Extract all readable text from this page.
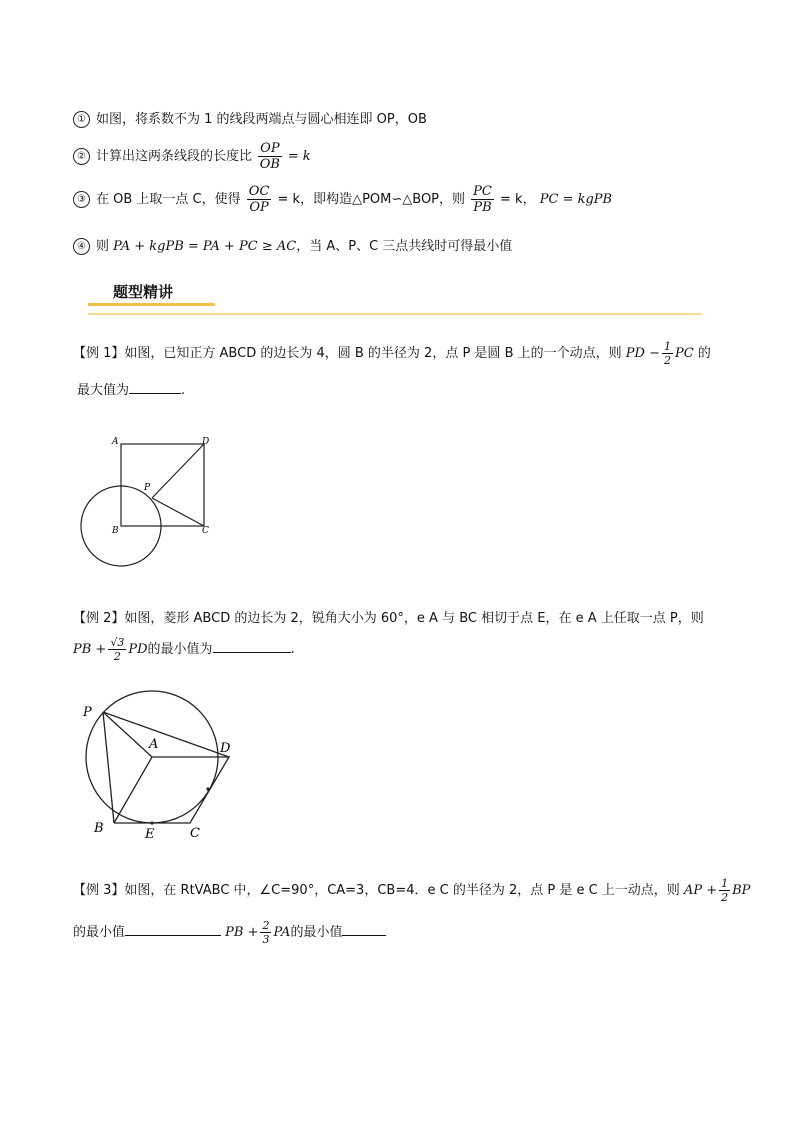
① 如图，将系数不为 1 的线段两端点与圆心相连即 OP，OB
② 计算出这两条线段的长度比 $\frac{OP}{OB} = k$
③ 在 OB 上取一点 C，使得 $\frac{OC}{OP} = k$，即构造△POM∽△BOP，则 $\frac{PC}{PB} = k$， PC = kgPB
④ 则 PA + kgPB = PA + PC ≥ AC，当 A、P、C 三点共线时可得最小值
题型精讲
【例 1】如图，已知正方 ABCD 的边长为 4，圆 B 的半径为 2，点 P 是圆 B 上的一个动点，则 PD − $\frac{1}{2}$ PC 的
最大值为	.
A	D
P
B	C
【例 2】如图，菱形 ABCD 的边长为 2，锐角大小为 60°，e A 与 BC 相切于点 E，在 e A 上任取一点 P，则
PB + $\frac{√3}{2}$ PD的最小值为	.
P
A	D
B	E	C
【例 3】如图，在 RtVABC 中，∠C=90°，CA=3，CB=4．e C 的半径为 2，点 P 是 e C 上一动点，则 AP + $\frac{1}{2}$ BP
的最小值	PB + $\frac{2}{3}$ PA的最小值
